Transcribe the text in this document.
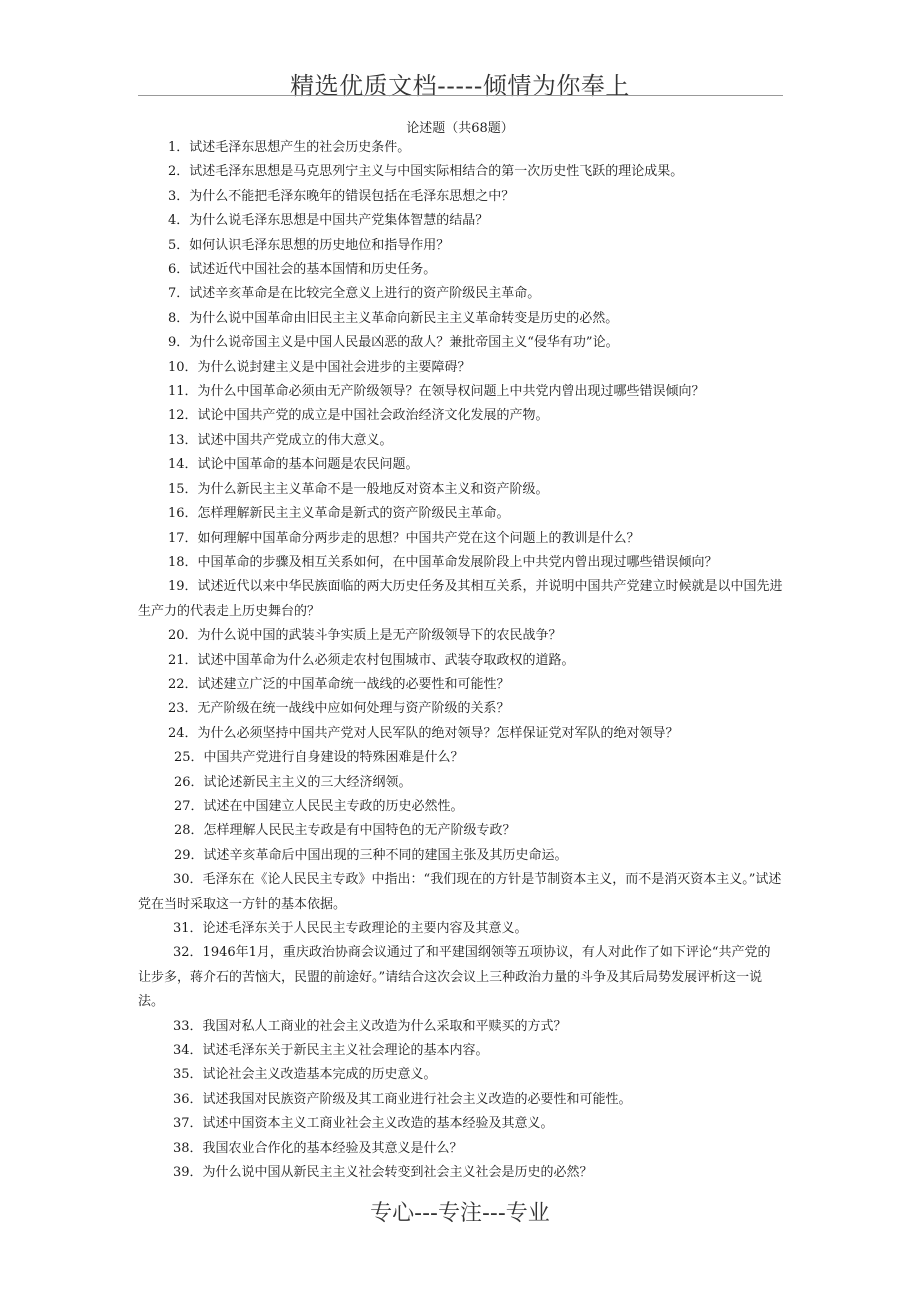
精选优质文档-----倾情为你奉上
论述题（共68题）
1．试述毛泽东思想产生的社会历史条件。
2．试述毛泽东思想是马克思列宁主义与中国实际相结合的第一次历史性飞跃的理论成果。
3．为什么不能把毛泽东晚年的错误包括在毛泽东思想之中？
4．为什么说毛泽东思想是中国共产党集体智慧的结晶？
5．如何认识毛泽东思想的历史地位和指导作用？
6．试述近代中国社会的基本国情和历史任务。
7．试述辛亥革命是在比较完全意义上进行的资产阶级民主革命。
8．为什么说中国革命由旧民主主义革命向新民主主义革命转变是历史的必然。
9．为什么说帝国主义是中国人民最凶恶的敌人？兼批帝国主义“侵华有功”论。
10．为什么说封建主义是中国社会进步的主要障碍？
11．为什么中国革命必须由无产阶级领导？在领导权问题上中共党内曾出现过哪些错误倾向？
12．试论中国共产党的成立是中国社会政治经济文化发展的产物。
13．试述中国共产党成立的伟大意义。
14．试论中国革命的基本问题是农民问题。
15．为什么新民主主义革命不是一般地反对资本主义和资产阶级。
16．怎样理解新民主主义革命是新式的资产阶级民主革命。
17．如何理解中国革命分两步走的思想？中国共产党在这个问题上的教训是什么？
18．中国革命的步骤及相互关系如何，在中国革命发展阶段上中共党内曾出现过哪些错误倾向？
19．试述近代以来中华民族面临的两大历史任务及其相互关系，并说明中国共产党建立时候就是以中国先进生产力的代表走上历史舞台的？
20．为什么说中国的武装斗争实质上是无产阶级领导下的农民战争？
21．试述中国革命为什么必须走农村包围城市、武装夺取政权的道路。
22．试述建立广泛的中国革命统一战线的必要性和可能性？
23．无产阶级在统一战线中应如何处理与资产阶级的关系？
24．为什么必须坚持中国共产党对人民军队的绝对领导？怎样保证党对军队的绝对领导？
25．中国共产党进行自身建设的特殊困难是什么？
26．试论述新民主主义的三大经济纲领。
27．试述在中国建立人民民主专政的历史必然性。
28．怎样理解人民民主专政是有中国特色的无产阶级专政？
29．试述辛亥革命后中国出现的三种不同的建国主张及其历史命运。
30．毛泽东在《论人民民主专政》中指出：“我们现在的方针是节制资本主义，而不是消灭资本主义。”试述党在当时采取这一方针的基本依据。
31．论述毛泽东关于人民民主专政理论的主要内容及其意义。
32．1946年1月，重庆政治协商会议通过了和平建国纲领等五项协议，有人对此作了如下评论“共产党的让步多，蒋介石的苦恼大，民盟的前途好。”请结合这次会议上三种政治力量的斗争及其后局势发展评析这一说法。
33．我国对私人工商业的社会主义改造为什么采取和平赎买的方式？
34．试述毛泽东关于新民主主义社会理论的基本内容。
35．试论社会主义改造基本完成的历史意义。
36．试述我国对民族资产阶级及其工商业进行社会主义改造的必要性和可能性。
37．试述中国资本主义工商业社会主义改造的基本经验及其意义。
38．我国农业合作化的基本经验及其意义是什么？
39．为什么说中国从新民主主义社会转变到社会主义社会是历史的必然？
专心---专注---专业
